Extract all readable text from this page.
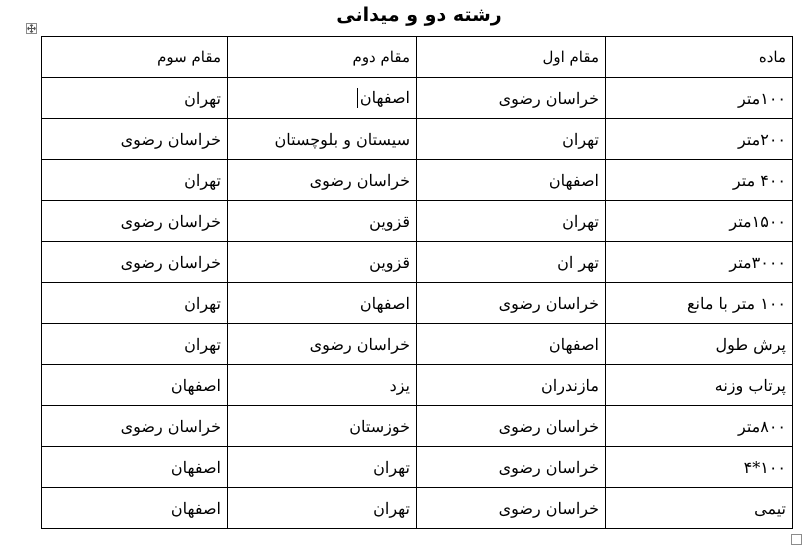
رشته دو و میدانی
ماده	مقام اول	مقام دوم	مقام سوم
۱۰۰متر	خراسان رضوی	اصفهان	تهران
۲۰۰متر	تهران	سیستان و بلوچستان	خراسان رضوی
۴۰۰ متر	اصفهان	خراسان رضوی	تهران
۱۵۰۰متر	تهران	قزوین	خراسان رضوی
۳۰۰۰متر	تهر ان	قزوین	خراسان رضوی
۱۰۰ متر با مانع	خراسان رضوی	اصفهان	تهران
پرش طول	اصفهان	خراسان رضوی	تهران
پرتاب وزنه	مازندران	یزد	اصفهان
۸۰۰متر	خراسان رضوی	خوزستان	خراسان رضوی
۱۰۰*۴	خراسان رضوی	تهران	اصفهان
تیمی	خراسان رضوی	تهران	اصفهان
